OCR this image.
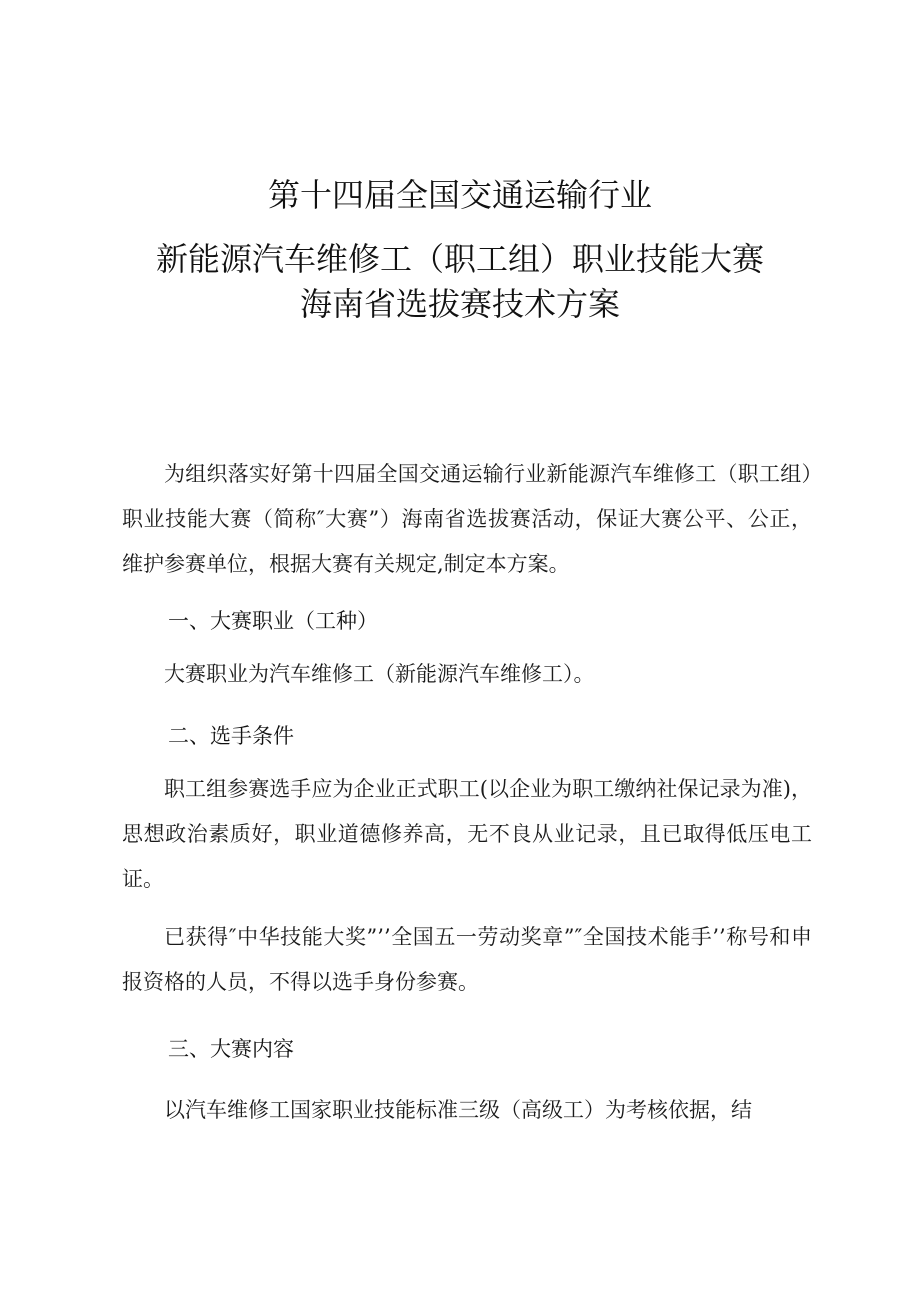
第十四届全国交通运输行业
新能源汽车维修工（职工组）职业技能大赛
海南省选拔赛技术方案

为组织落实好第十四届全国交通运输行业新能源汽车维修工（职工组）职业技能大赛（简称″大赛”）海南省选拔赛活动，保证大赛公平、公正，维护参赛单位，根据大赛有关规定,制定本方案。

一、大赛职业（工种）

大赛职业为汽车维修工（新能源汽车维修工）。

二、选手条件

职工组参赛选手应为企业正式职工(以企业为职工缴纳社保记录为准)，思想政治素质好，职业道德修养高，无不良从业记录，且已取得低压电工证。

已获得″中华技能大奖”’’全国五一劳动奖章”″全国技术能手’’称号和申报资格的人员，不得以选手身份参赛。

三、大赛内容

以汽车维修工国家职业技能标准三级（高级工）为考核依据，结
